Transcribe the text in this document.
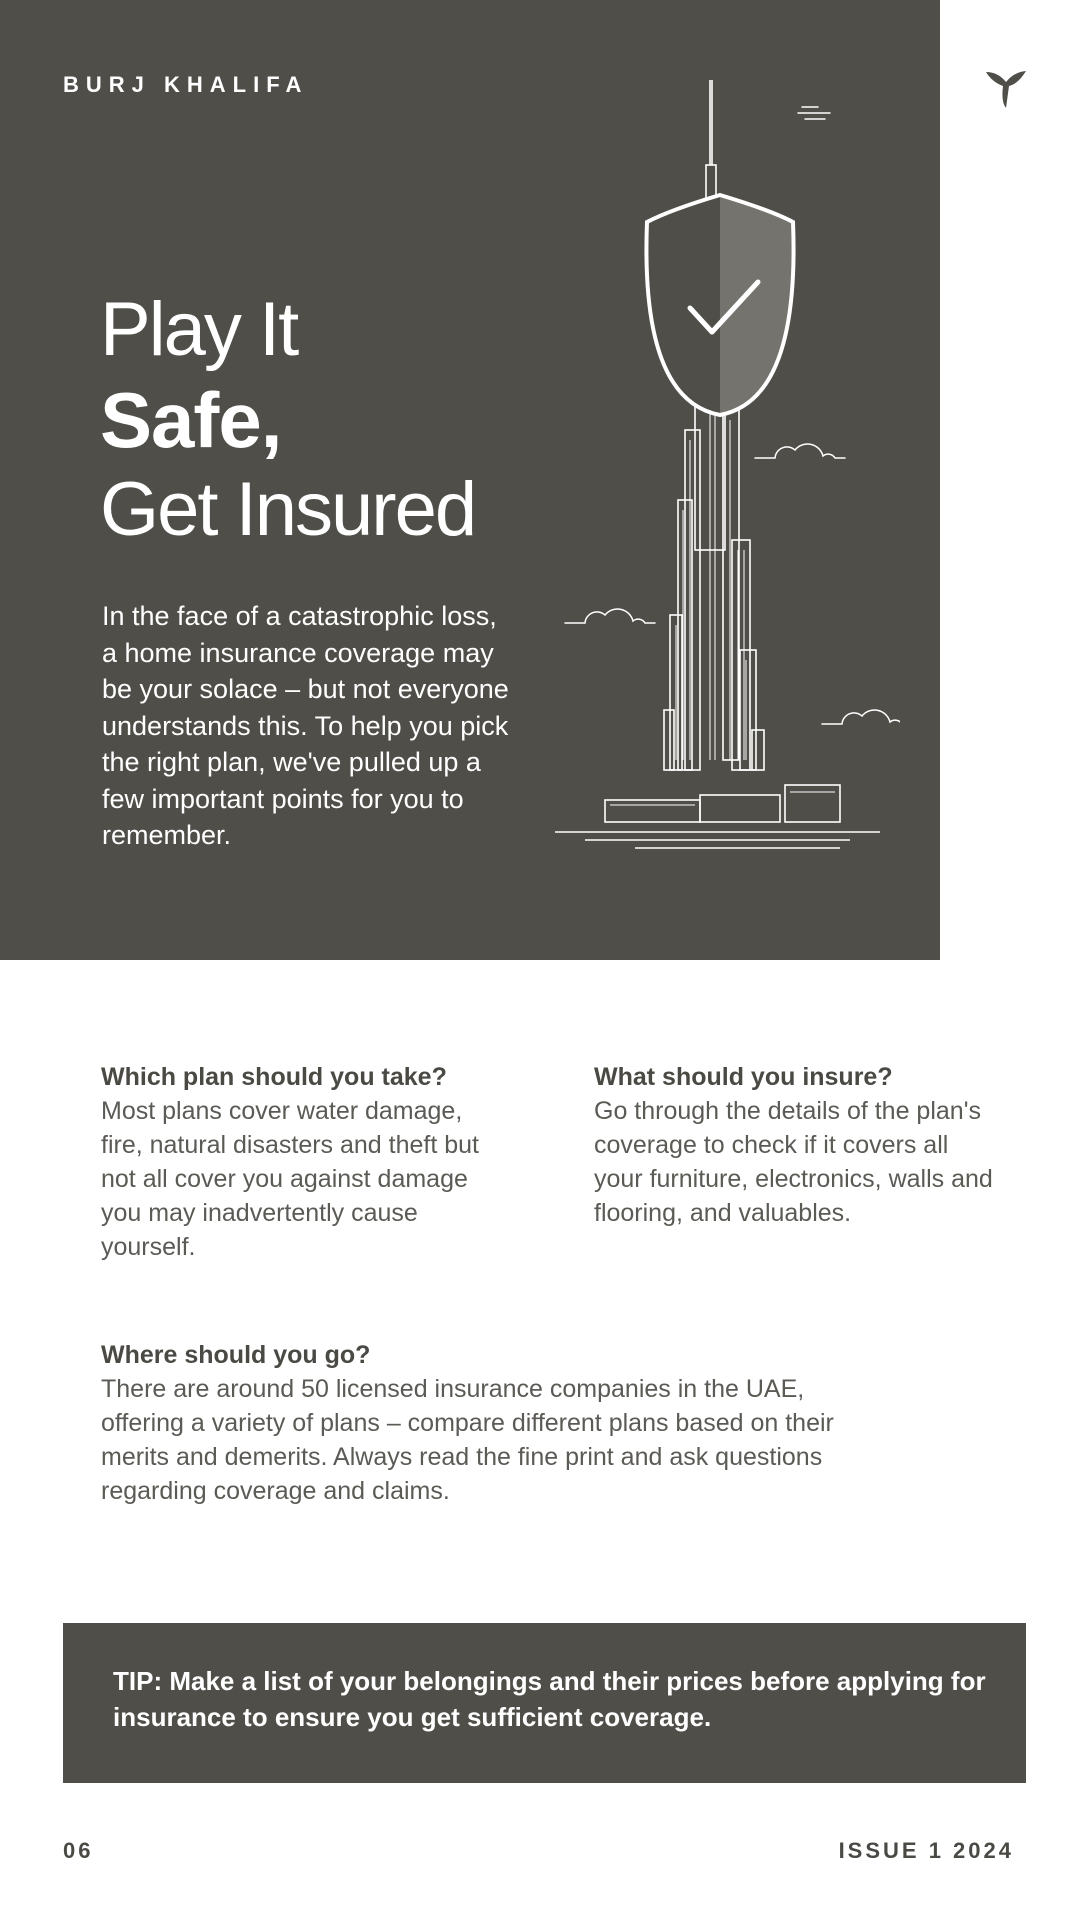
BURJ KHALIFA
Play It
Safe,
Get Insured
In the face of a catastrophic loss, a home insurance coverage may be your solace – but not everyone understands this. To help you pick the right plan, we've pulled up a few important points for you to remember.
Which plan should you take?

Most plans cover water damage, fire, natural disasters and theft but not all cover you against damage you may inadvertently cause yourself.

What should you insure?

Go through the details of the plan's coverage to check if it covers all your furniture, electronics, walls and flooring, and valuables.

Where should you go?

There are around 50 licensed insurance companies in the UAE, offering a variety of plans – compare different plans based on their merits and demerits. Always read the fine print and ask questions regarding coverage and claims.

TIP: Make a list of your belongings and their prices before applying for insurance to ensure you get sufficient coverage.
06	ISSUE 1 2024
